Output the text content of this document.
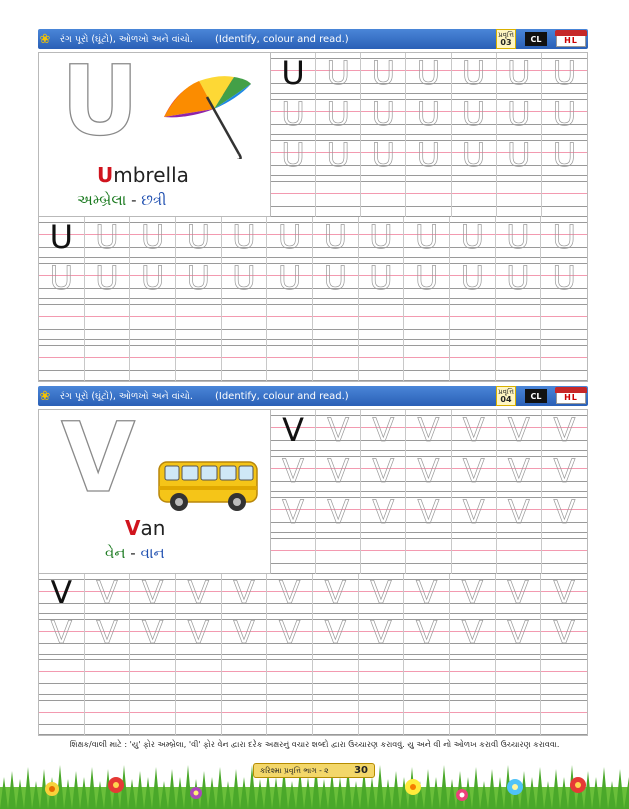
❀	રંગ પૂરો (ઘૂંટો), ઓળખો અને વાંચો. (Identify, colour and read.)	પ્રવૃત્તિ
03	CL	HL
U
Umbrella
અમ્બ્રેલા - છત્રી
U U U U U U U
U U U U U U U
U U U U U U U
U U U U U U U U U U U U
U U U U U U U U U U U U
❀	રંગ પૂરો (ઘૂંટો), ઓળખો અને વાંચો. (Identify, colour and read.)	પ્રવૃત્તિ
04	CL	HL
V
Van
વેન - વાન
V V V V V V V
V V V V V V V
V V V V V V V
V V V V V V V V V V V V
V V V V V V V V V V V V
શિક્ષક/વાલી માટે : 'યુ' ફોર અમ્બ્રેલા, 'વી' ફોર વેન દ્વારા દરેક અક્ષરનું વચાર શબ્દો દ્વારા ઉચ્ચારણ કરાવવું. યુ અને વી નો ઓળખ કરાવી ઉચ્ચારણ કરાવવા.
કરિશ્મા પ્રવૃત્તિ ભાગ - ૨	30
